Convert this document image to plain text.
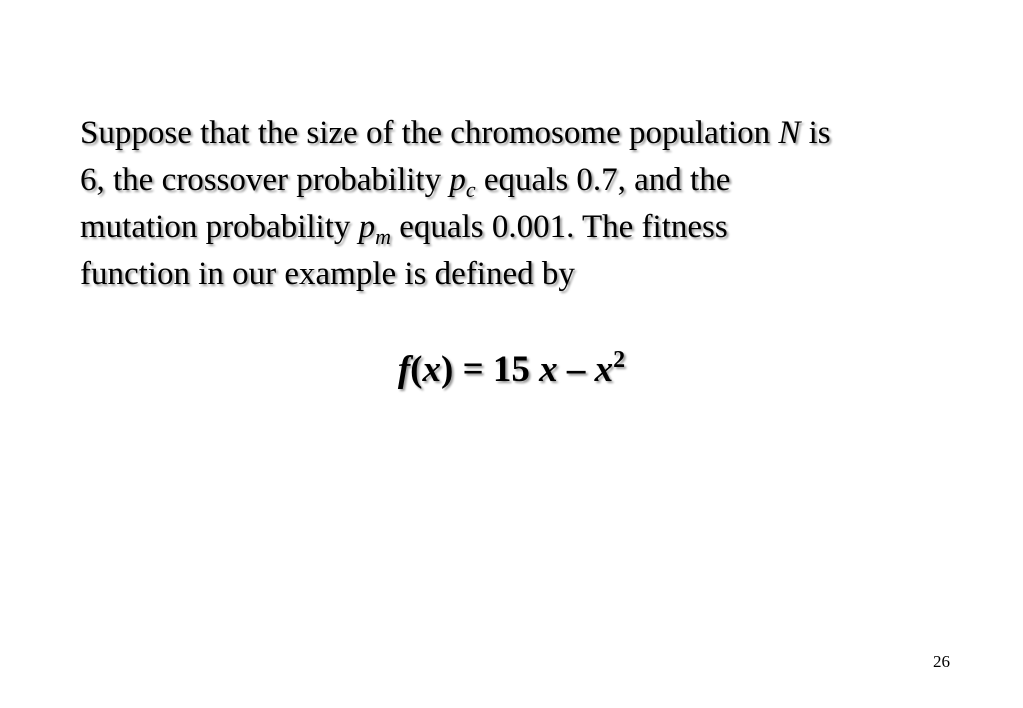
Suppose that the size of the chromosome population N is
6, the crossover probability $p_c$ equals 0.7, and the
mutation probability $p_m$ equals 0.001. The fitness
function in our example is defined by
f(x) = 15 x – $x^2$
26
